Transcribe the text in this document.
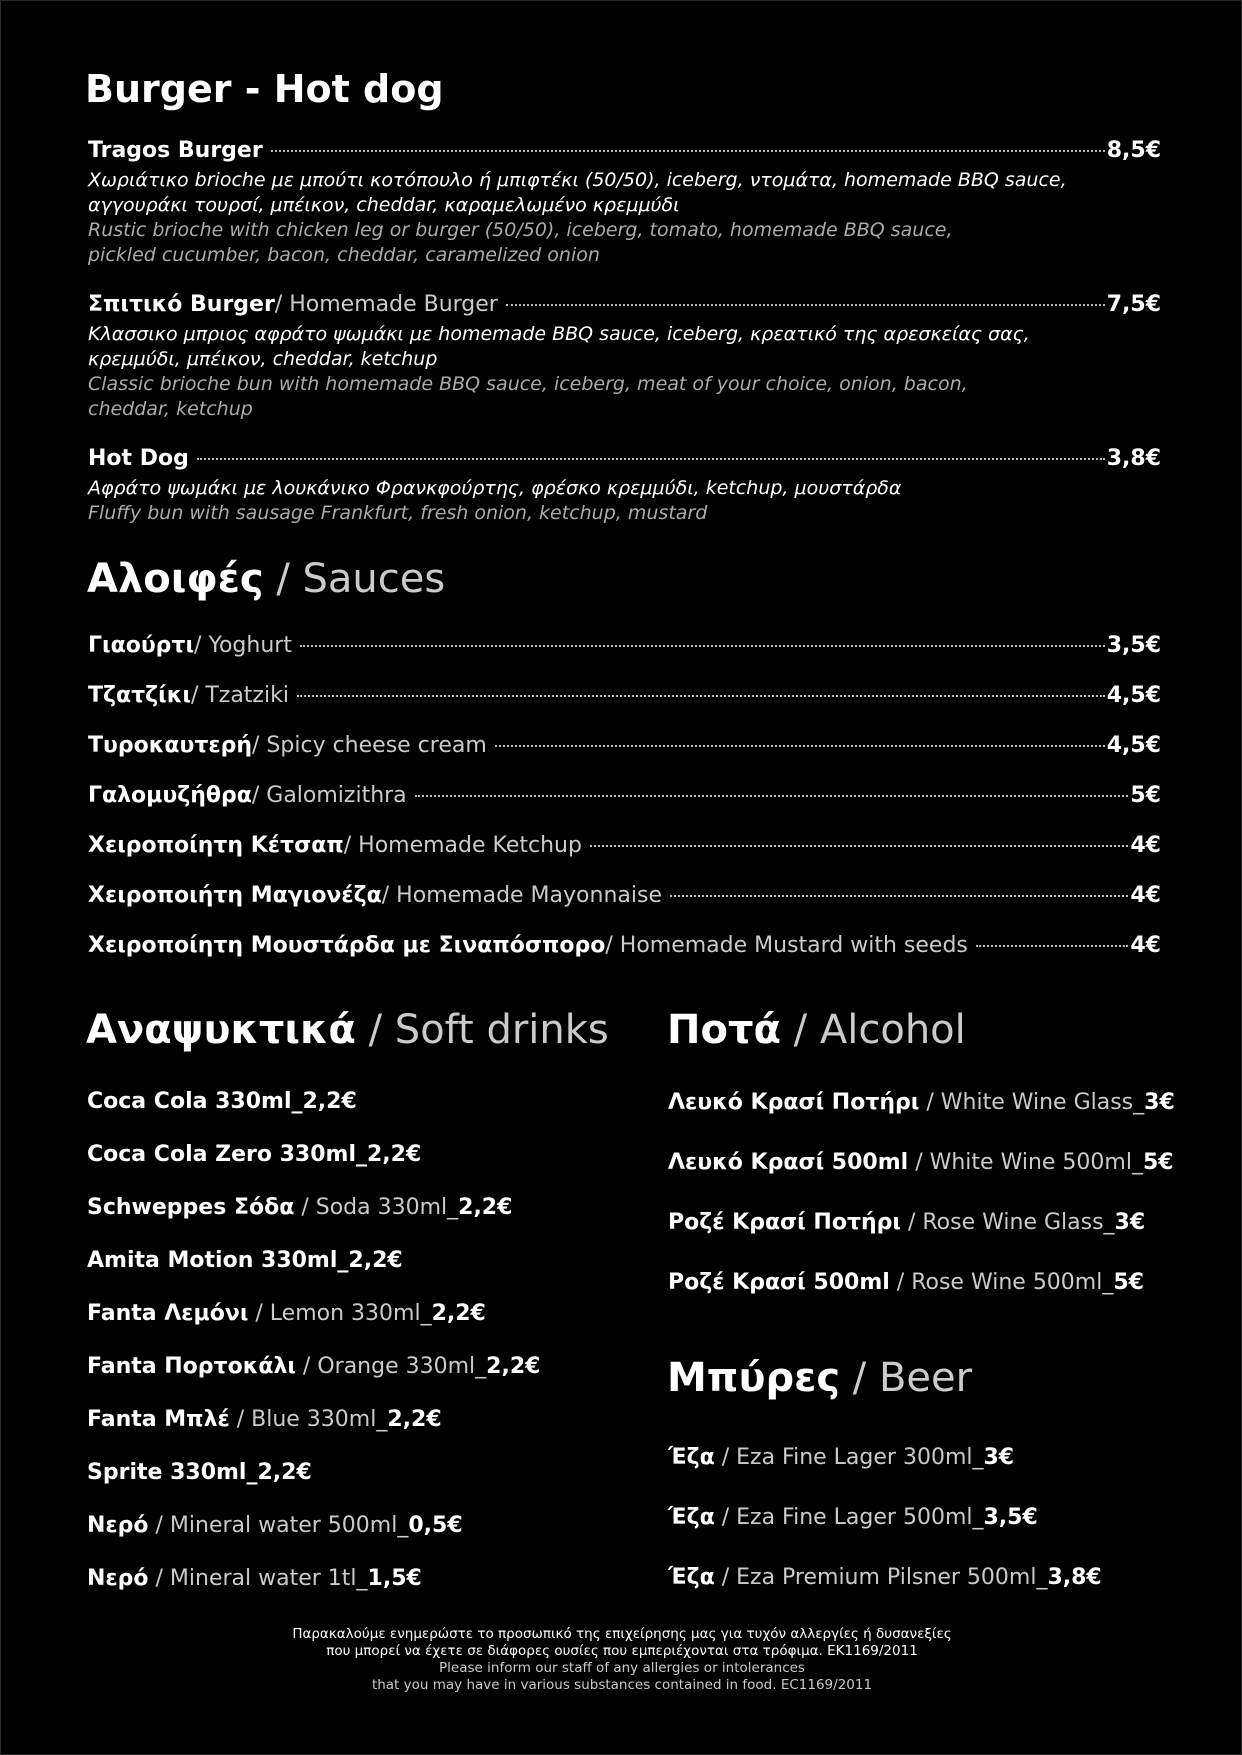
Burger - Hot dog
Tragos Burger	8,5€
Χωριάτικο brioche με μπούτι κοτόπουλο ή μπιφτέκι (50/50), iceberg, ντομάτα, homemade BBQ sauce,
αγγουράκι τουρσί, μπέικον, cheddar, καραμελωμένο κρεμμύδι
Rustic brioche with chicken leg or burger (50/50), iceberg, tomato, homemade BBQ sauce,
pickled cucumber, bacon, cheddar, caramelized onion
Σπιτικό Burger / Homemade Burger	7,5€
Κλασσικο μπριος αφράτο ψωμάκι με homemade BBQ sauce, iceberg, κρεατικό της αρεσκείας σας,
κρεμμύδι, μπέικον, cheddar, ketchup
Classic brioche bun with homemade BBQ sauce, iceberg, meat of your choice, onion, bacon,
cheddar, ketchup
Hot Dog	3,8€
Αφράτο ψωμάκι με λουκάνικο Φρανκφούρτης, φρέσκο κρεμμύδι, ketchup, μουστάρδα
Fluffy bun with sausage Frankfurt, fresh onion, ketchup, mustard
Αλοιφές / Sauces
Γιαούρτι / Yoghurt	3,5€
Τζατζίκι / Tzatziki	4,5€
Τυροκαυτερή / Spicy cheese cream	4,5€
Γαλομυζήθρα / Galomizithra	5€
Χειροποίητη Κέτσαπ / Homemade Ketchup	4€
Χειροποιήτη Μαγιονέζα / Homemade Mayonnaise	4€
Χειροποίητη Μουστάρδα με Σιναπόσπορο / Homemade Mustard with seeds	4€
Αναψυκτικά / Soft drinks
Coca Cola 330ml_2,2€
Coca Cola Zero 330ml_2,2€
Schweppes Σόδα / Soda 330ml_2,2€
Amita Motion 330ml_2,2€
Fanta Λεμόνι / Lemon 330ml_2,2€
Fanta Πορτοκάλι / Orange 330ml_2,2€
Fanta Μπλέ / Blue 330ml_2,2€
Sprite 330ml_2,2€
Νερό / Mineral water 500ml_0,5€
Νερό / Mineral water 1tl_1,5€
Ποτά / Alcohol
Λευκό Κρασί Ποτήρι / White Wine Glass_3€
Λευκό Κρασί 500ml / White Wine 500ml_5€
Ροζέ Κρασί Ποτήρι / Rose Wine Glass_3€
Ροζέ Κρασί 500ml / Rose Wine 500ml_5€
Μπύρες / Beer
Έζα / Eza Fine Lager 300ml_3€
Έζα / Eza Fine Lager 500ml_3,5€
Έζα / Eza Premium Pilsner 500ml_3,8€
Παρακαλούμε ενημερώστε το προσωπικό της επιχείρησης μας για τυχόν αλλεργίες ή δυσανεξίες
που μπορεί να έχετε σε διάφορες ουσίες που εμπεριέχονται στα τρόφιμα. ΕΚ1169/2011
Please inform our staff of any allergies or intolerances
that you may have in various substances contained in food. EC1169/2011
